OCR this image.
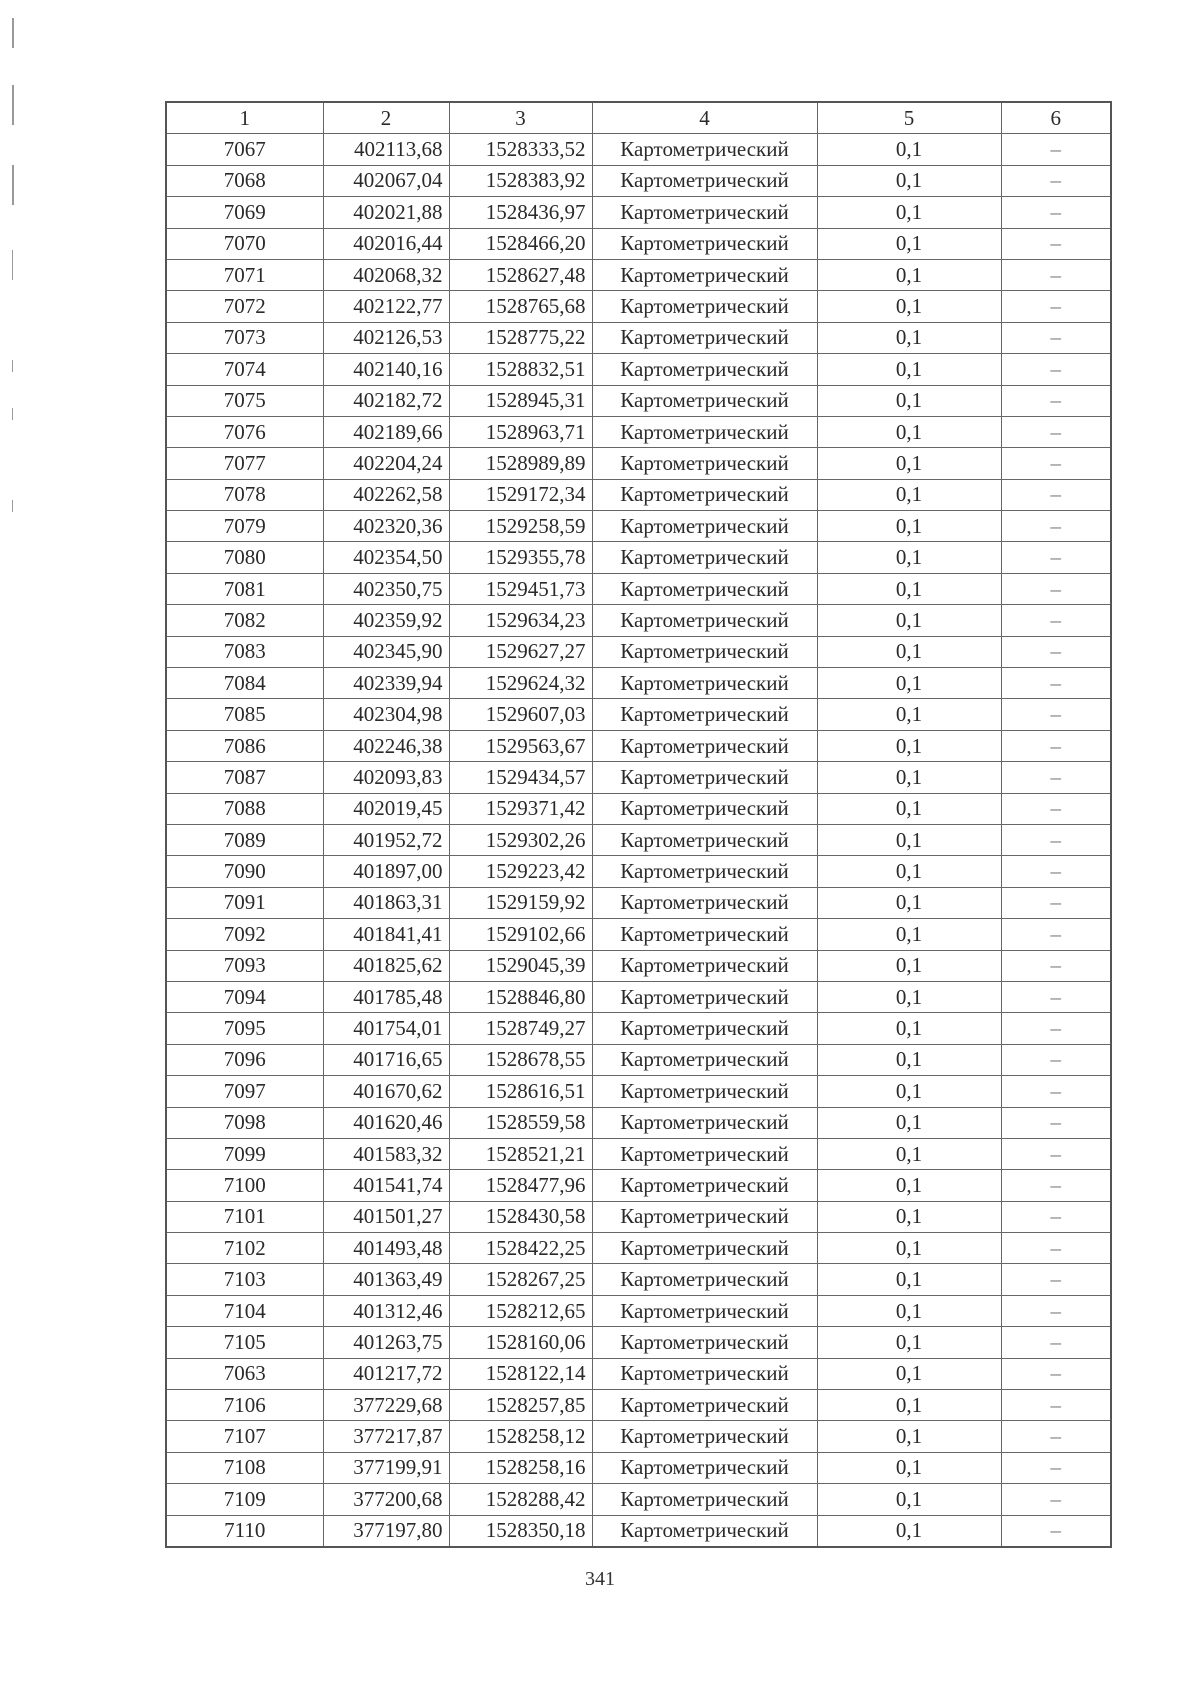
1	2	3	4	5	6
7067	402113,68	1528333,52	Картометрический	0,1	–
7068	402067,04	1528383,92	Картометрический	0,1	–
7069	402021,88	1528436,97	Картометрический	0,1	–
7070	402016,44	1528466,20	Картометрический	0,1	–
7071	402068,32	1528627,48	Картометрический	0,1	–
7072	402122,77	1528765,68	Картометрический	0,1	–
7073	402126,53	1528775,22	Картометрический	0,1	–
7074	402140,16	1528832,51	Картометрический	0,1	–
7075	402182,72	1528945,31	Картометрический	0,1	–
7076	402189,66	1528963,71	Картометрический	0,1	–
7077	402204,24	1528989,89	Картометрический	0,1	–
7078	402262,58	1529172,34	Картометрический	0,1	–
7079	402320,36	1529258,59	Картометрический	0,1	–
7080	402354,50	1529355,78	Картометрический	0,1	–
7081	402350,75	1529451,73	Картометрический	0,1	–
7082	402359,92	1529634,23	Картометрический	0,1	–
7083	402345,90	1529627,27	Картометрический	0,1	–
7084	402339,94	1529624,32	Картометрический	0,1	–
7085	402304,98	1529607,03	Картометрический	0,1	–
7086	402246,38	1529563,67	Картометрический	0,1	–
7087	402093,83	1529434,57	Картометрический	0,1	–
7088	402019,45	1529371,42	Картометрический	0,1	–
7089	401952,72	1529302,26	Картометрический	0,1	–
7090	401897,00	1529223,42	Картометрический	0,1	–
7091	401863,31	1529159,92	Картометрический	0,1	–
7092	401841,41	1529102,66	Картометрический	0,1	–
7093	401825,62	1529045,39	Картометрический	0,1	–
7094	401785,48	1528846,80	Картометрический	0,1	–
7095	401754,01	1528749,27	Картометрический	0,1	–
7096	401716,65	1528678,55	Картометрический	0,1	–
7097	401670,62	1528616,51	Картометрический	0,1	–
7098	401620,46	1528559,58	Картометрический	0,1	–
7099	401583,32	1528521,21	Картометрический	0,1	–
7100	401541,74	1528477,96	Картометрический	0,1	–
7101	401501,27	1528430,58	Картометрический	0,1	–
7102	401493,48	1528422,25	Картометрический	0,1	–
7103	401363,49	1528267,25	Картометрический	0,1	–
7104	401312,46	1528212,65	Картометрический	0,1	–
7105	401263,75	1528160,06	Картометрический	0,1	–
7063	401217,72	1528122,14	Картометрический	0,1	–
7106	377229,68	1528257,85	Картометрический	0,1	–
7107	377217,87	1528258,12	Картометрический	0,1	–
7108	377199,91	1528258,16	Картометрический	0,1	–
7109	377200,68	1528288,42	Картометрический	0,1	–
7110	377197,80	1528350,18	Картометрический	0,1	–
341
